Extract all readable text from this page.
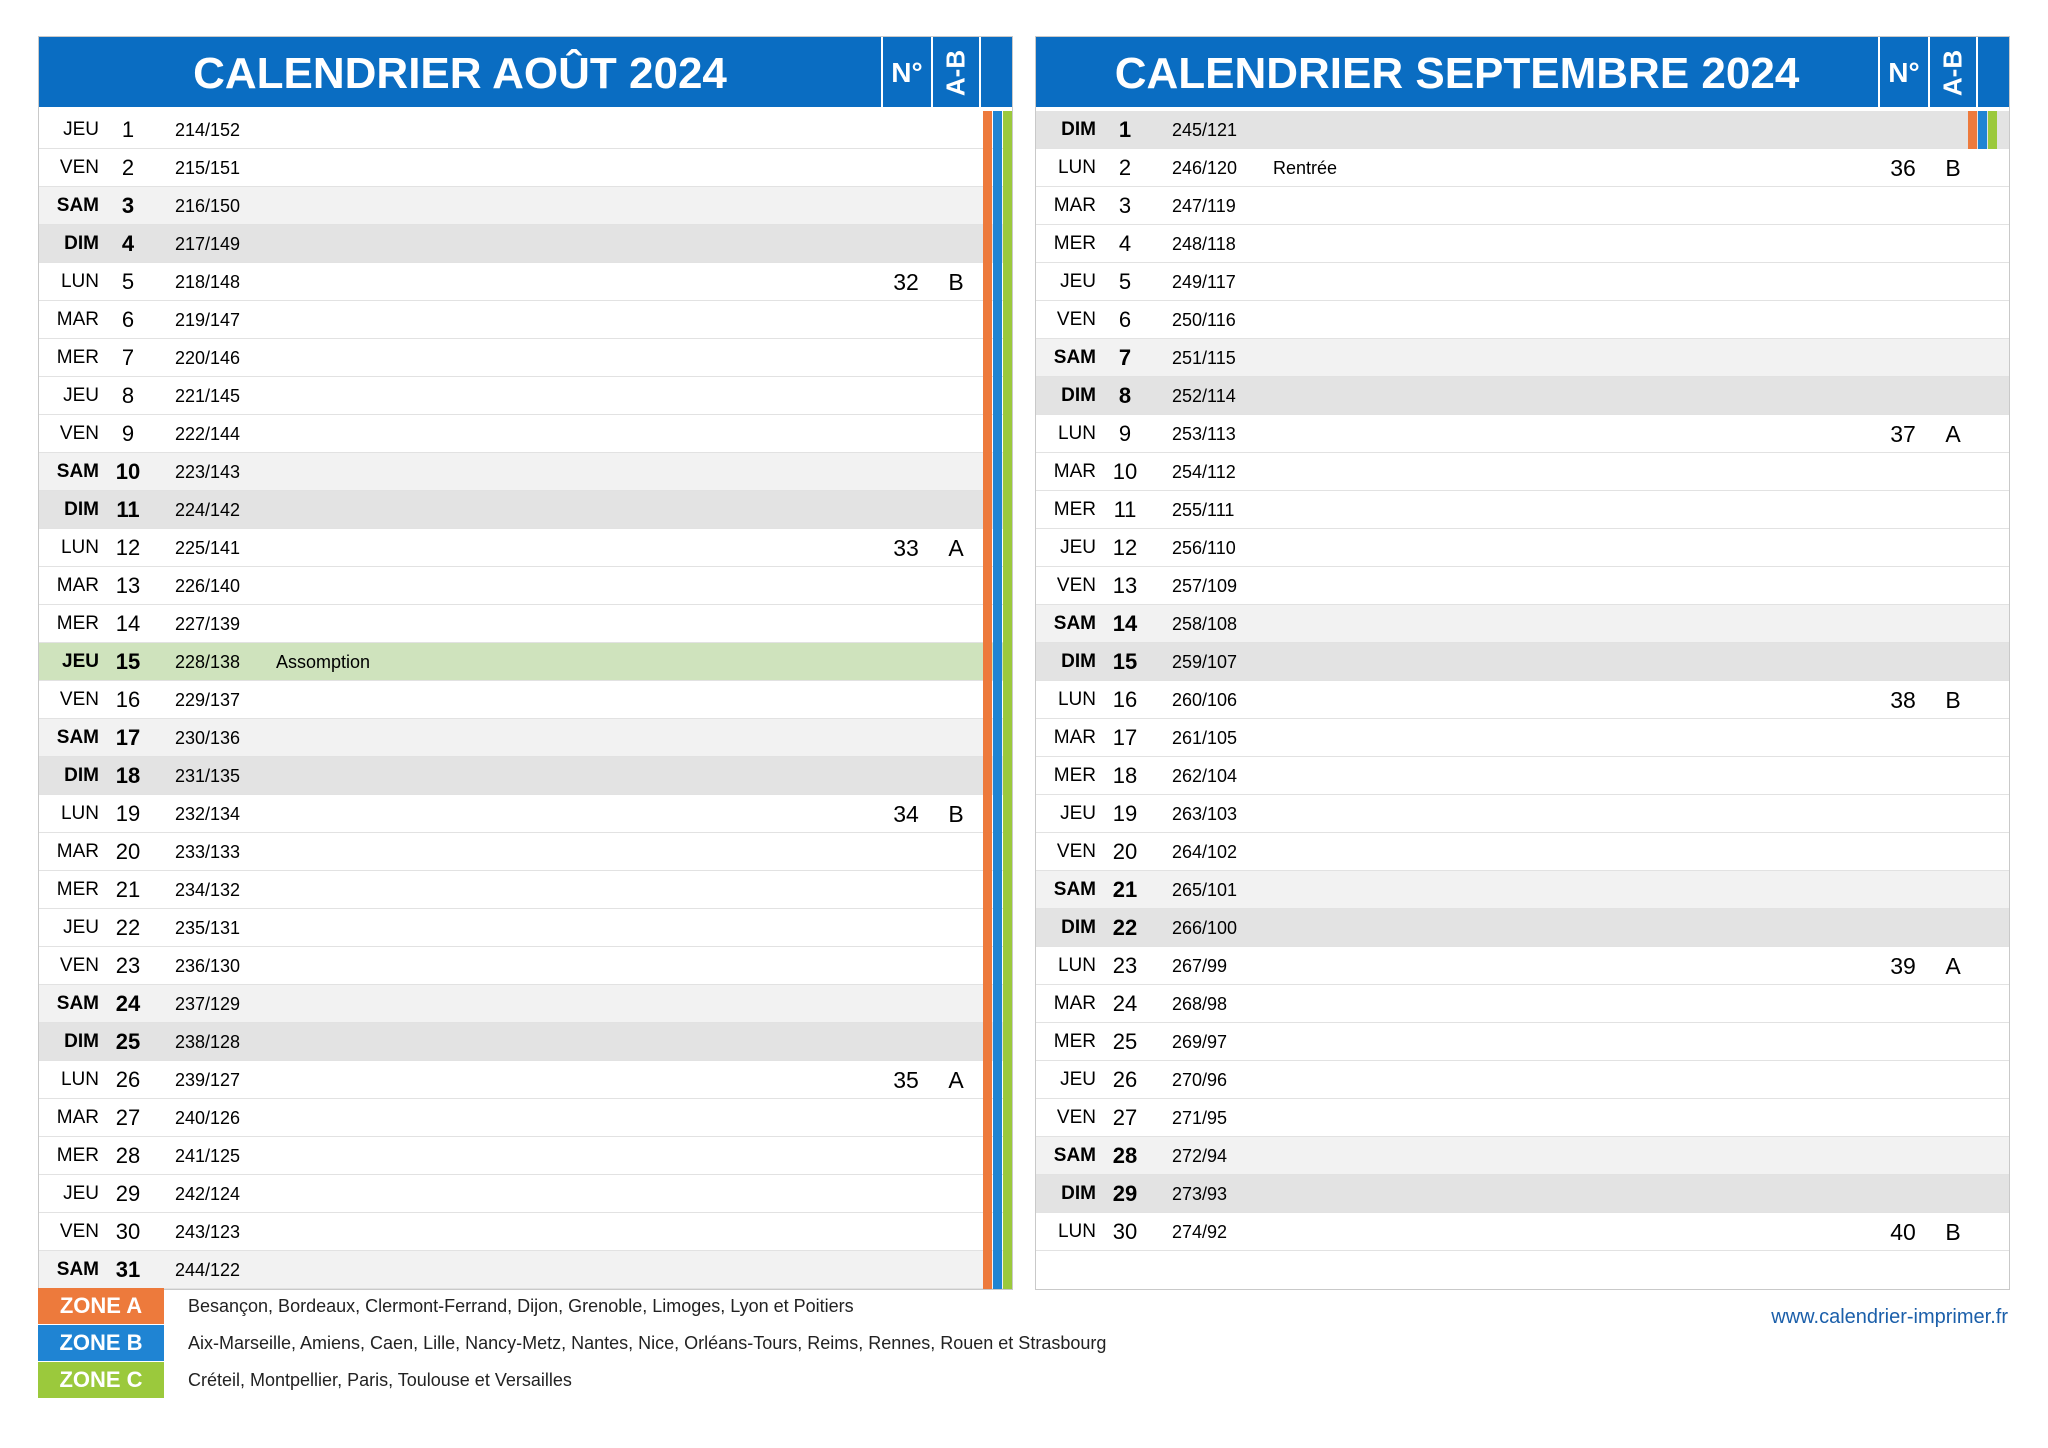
CALENDRIER AOÛT 2024	N° A-B
JEU	1	214/152
VEN	2	215/151
SAM	3	216/150
DIM	4	217/149
LUN	5	218/148	32	B
MAR	6	219/147
MER	7	220/146
JEU	8	221/145
VEN	9	222/144
SAM 10	223/143
DIM 11	224/142
LUN 12	225/141	33	A
MAR 13	226/140
MER 14	227/139
JEU 15	228/138 Assomption
VEN 16	229/137
SAM 17	230/136
DIM 18	231/135
LUN 19	232/134	34	B
MAR 20	233/133
MER 21	234/132
JEU 22	235/131
VEN 23	236/130
SAM 24	237/129
DIM 25	238/128
LUN 26	239/127	35	A
MAR 27	240/126
MER 28	241/125
JEU 29	242/124
VEN 30	243/123
SAM 31	244/122
CALENDRIER SEPTEMBRE 2024	N° A-B
DIM	1	245/121
LUN	2	246/120 Rentrée	36	B
MAR	3	247/119
MER	4	248/118
JEU	5	249/117
VEN	6	250/116
SAM	7	251/115
DIM	8	252/114
LUN	9	253/113	37	A
MAR 10	254/112
MER 11	255/111
JEU 12	256/110
VEN 13	257/109
SAM 14	258/108
DIM 15	259/107
LUN 16	260/106	38	B
MAR 17	261/105
MER 18	262/104
JEU 19	263/103
VEN 20	264/102
SAM 21	265/101
DIM 22	266/100
LUN 23	267/99	39	A
MAR 24	268/98
MER 25	269/97
JEU 26	270/96
VEN 27	271/95
SAM 28	272/94
DIM 29	273/93
LUN 30	274/92	40	B
ZONE A	Besançon, Bordeaux, Clermont-Ferrand, Dijon, Grenoble, Limoges, Lyon et Poitiers
ZONE B	Aix-Marseille, Amiens, Caen, Lille, Nancy-Metz, Nantes, Nice, Orléans-Tours, Reims, Rennes, Rouen et Strasbourg
ZONE C	Créteil, Montpellier, Paris, Toulouse et Versailles
www.calendrier-imprimer.fr
